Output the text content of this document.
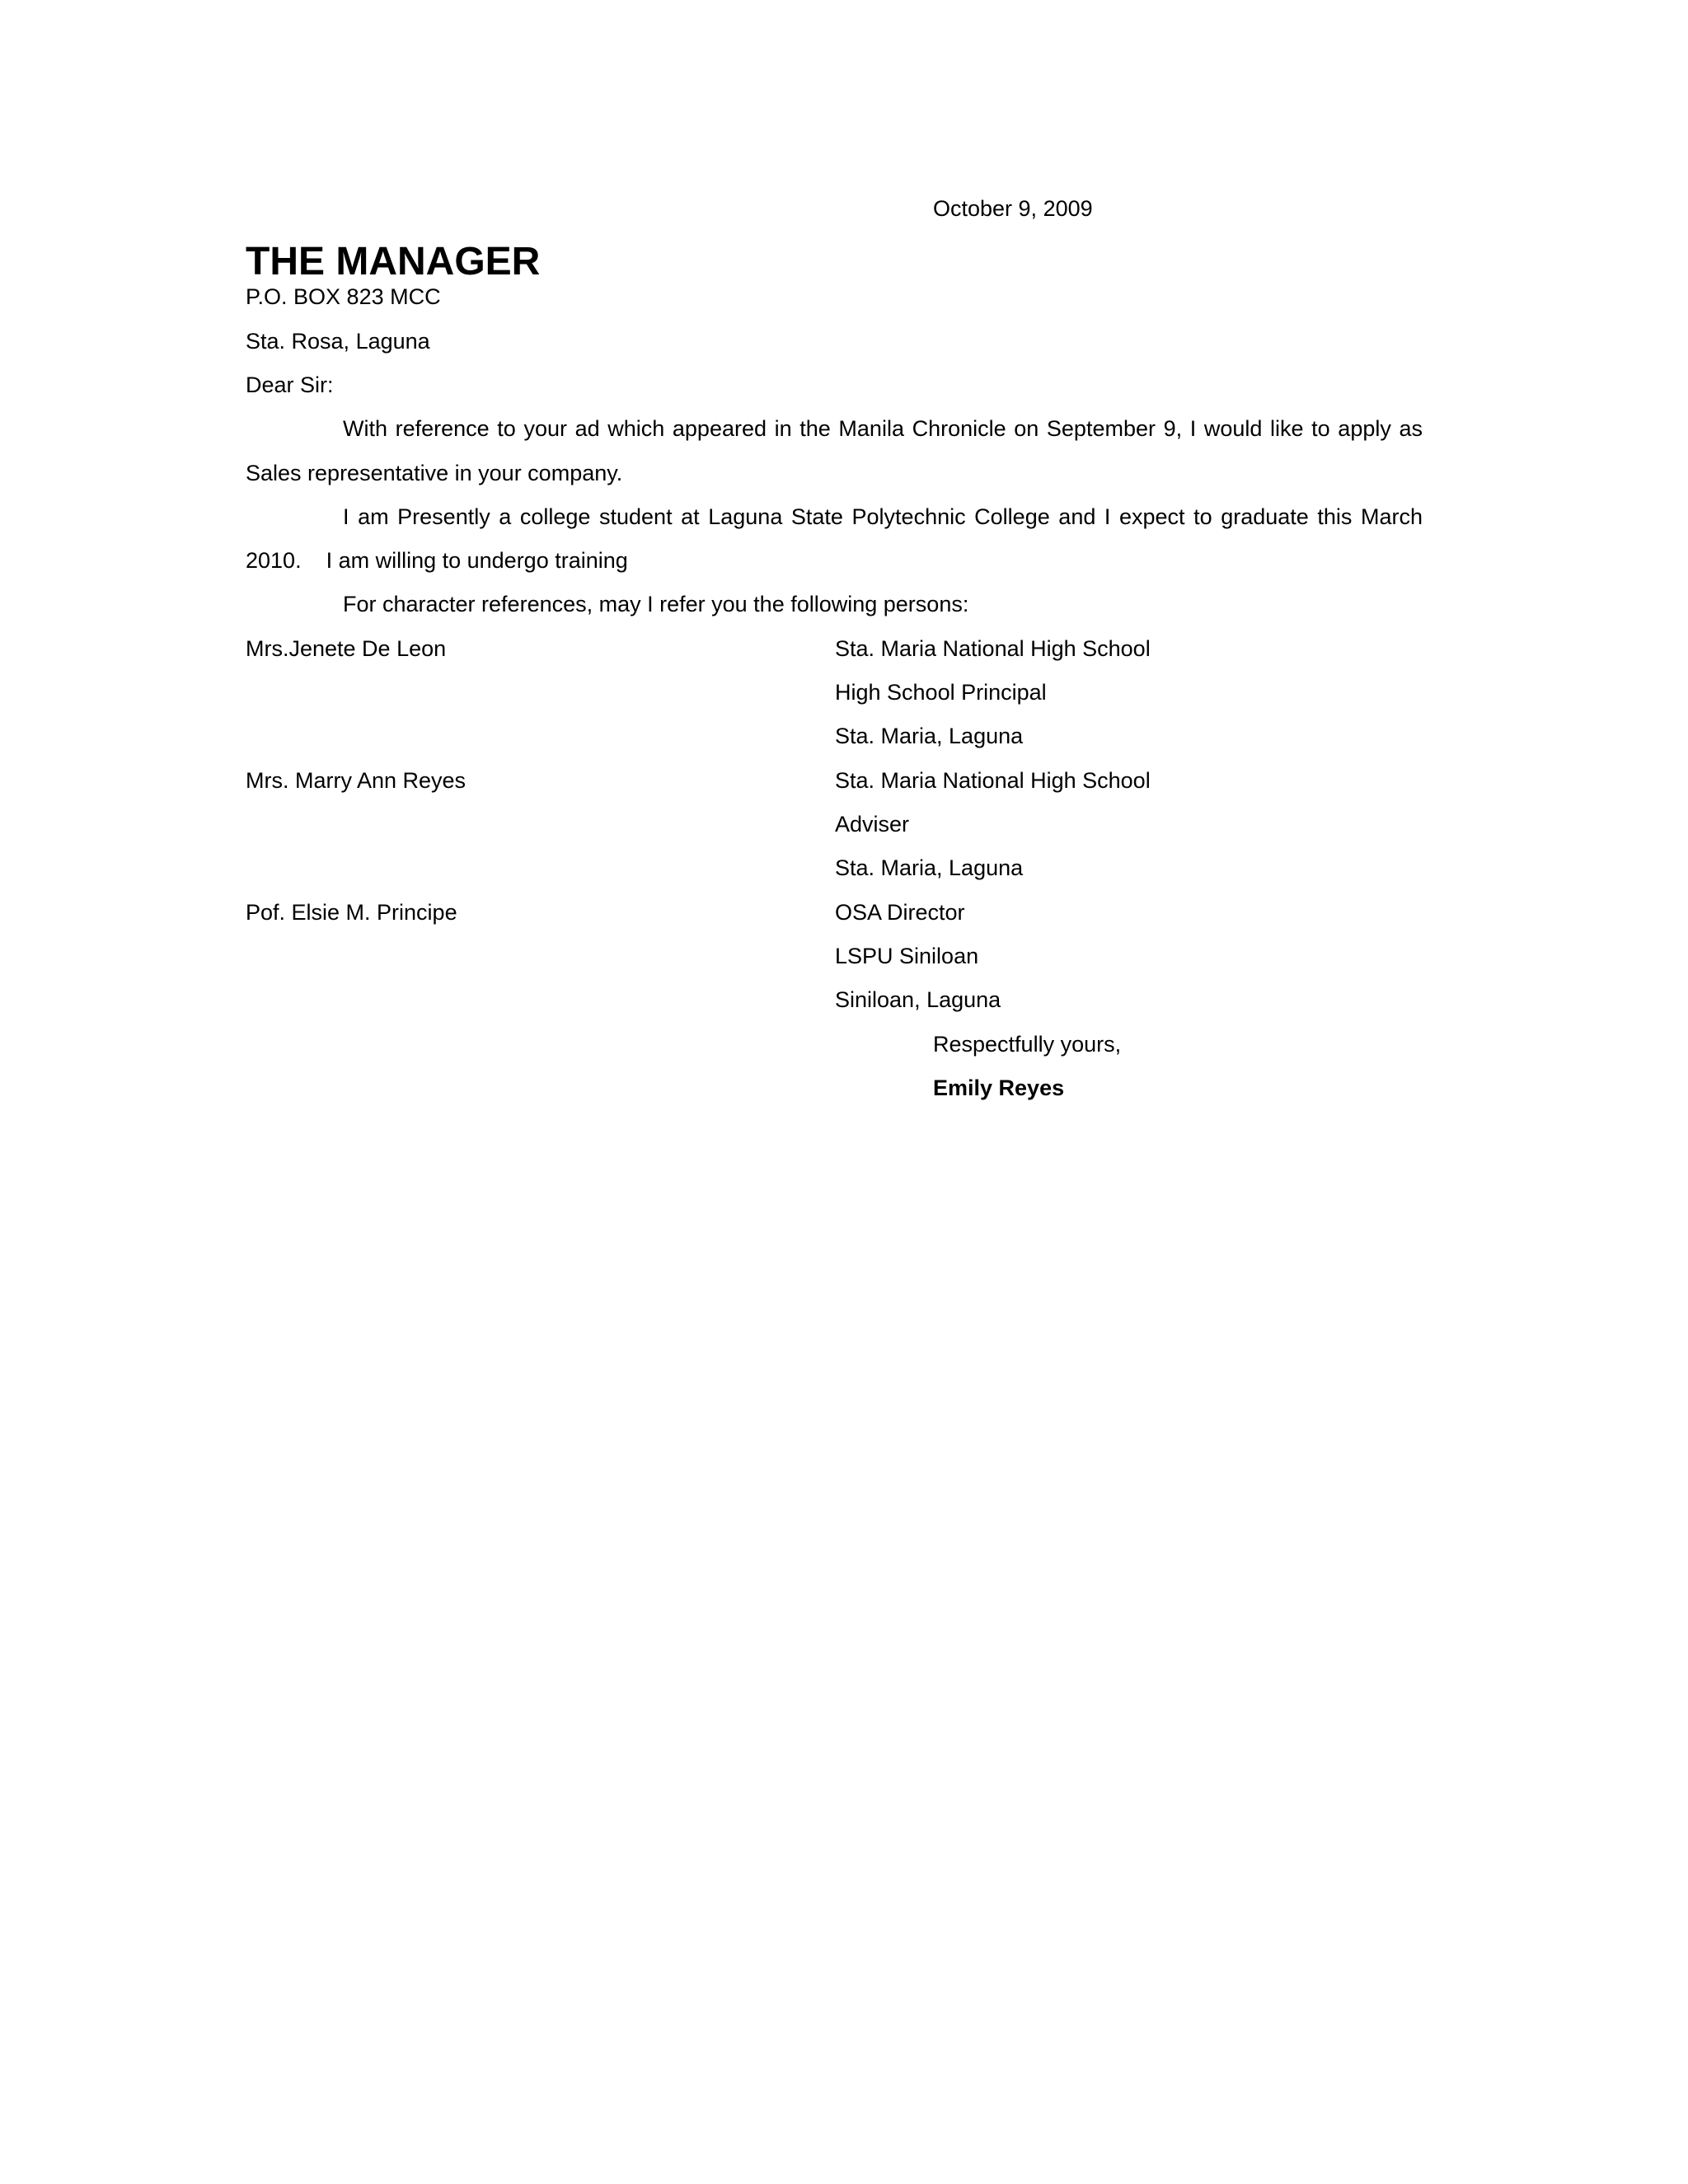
October 9, 2009
THE MANAGER
P.O. BOX 823 MCC
Sta. Rosa, Laguna
Dear Sir:
With reference to your ad which appeared in the Manila Chronicle on September 9, I would like to apply as
Sales representative in your company.
I am Presently a college student at Laguna State Polytechnic College and I expect to graduate this March
2010.    I am willing to undergo training
For character references, may I refer you the following persons:
Mrs.Jenete De Leon	Sta. Maria National High School
High School Principal
Sta. Maria, Laguna
Mrs. Marry Ann Reyes	Sta. Maria National High School
Adviser
Sta. Maria, Laguna
Pof. Elsie M. Principe	OSA Director
LSPU Siniloan
Siniloan, Laguna
Respectfully yours,
Emily Reyes
